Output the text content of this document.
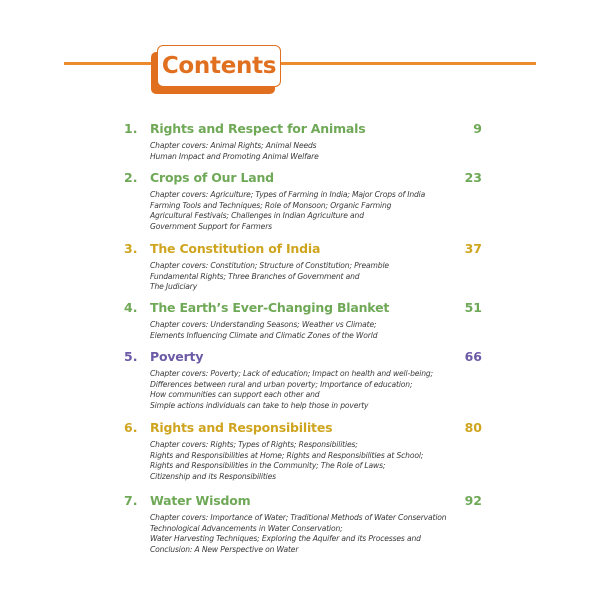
Contents
1. Rights and Respect for Animals	9
Chapter covers: Animal Rights; Animal Needs
Human Impact and Promoting Animal Welfare
2. Crops of Our Land	23
Chapter covers: Agriculture; Types of Farming in India; Major Crops of India
Farming Tools and Techniques; Role of Monsoon; Organic Farming
Agricultural Festivals; Challenges in Indian Agriculture and
Government Support for Farmers
3. The Constitution of India	37
Chapter covers: Constitution; Structure of Constitution; Preamble
Fundamental Rights; Three Branches of Government and
The Judiciary
4. The Earth’s Ever-Changing Blanket	51
Chapter covers: Understanding Seasons; Weather vs Climate;
Elements Influencing Climate and Climatic Zones of the World
5. Poverty	66
Chapter covers: Poverty; Lack of education; Impact on health and well-being;
Differences between rural and urban poverty; Importance of education;
How communities can support each other and
Simple actions individuals can take to help those in poverty
6. Rights and Responsibilites	80
Chapter covers: Rights; Types of Rights; Responsibilities;
Rights and Responsibilities at Home; Rights and Responsibilities at School;
Rights and Responsibilities in the Community; The Role of Laws;
Citizenship and its Responsibilities
7. Water Wisdom	92
Chapter covers: Importance of Water; Traditional Methods of Water Conservation
Technological Advancements in Water Conservation;
Water Harvesting Techniques; Exploring the Aquifer and its Processes and
Conclusion: A New Perspective on Water
